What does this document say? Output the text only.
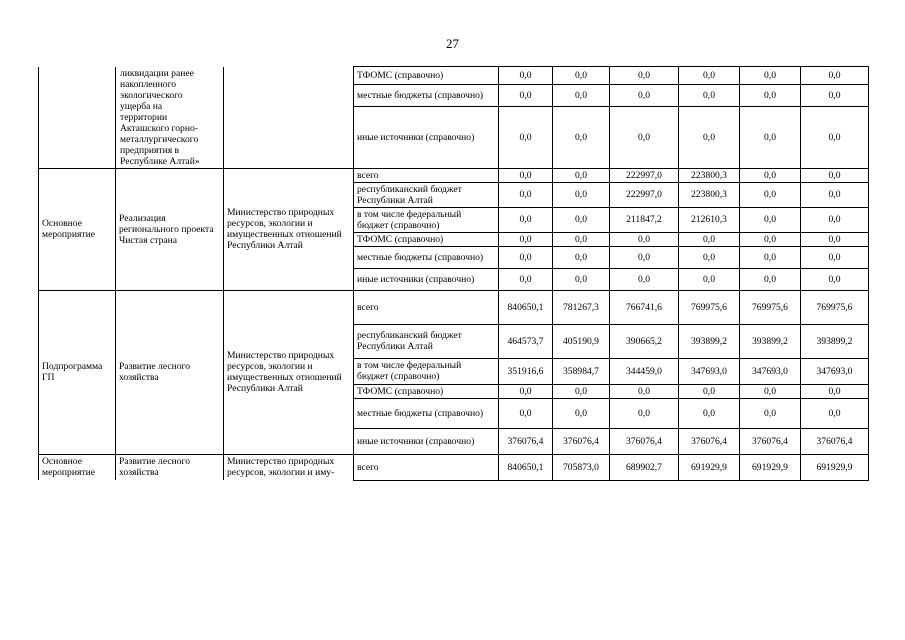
27
	ликвидации ранее накопленного экологического ущерба на территории Акташского горно-металлургического предприятия в Республике Алтай»		ТФОМС (справочно)	0,0	0,0	0,0	0,0	0,0	0,0
			местные бюджеты (справочно)	0,0	0,0	0,0	0,0	0,0	0,0
			иные источники (справочно)	0,0	0,0	0,0	0,0	0,0	0,0
Основное мероприятие	Реализация регионального проекта Чистая страна	Министерство природных ресурсов, экологии и имущественных отношений Республики Алтай	всего	0,0	0,0	222997,0	223800,3	0,0	0,0
			республиканский бюджет Республики Алтай	0,0	0,0	222997,0	223800,3	0,0	0,0
			в том числе федеральный бюджет (справочно)	0,0	0,0	211847,2	212610,3	0,0	0,0
			ТФОМС (справочно)	0,0	0,0	0,0	0,0	0,0	0,0
			местные бюджеты (справочно)	0,0	0,0	0,0	0,0	0,0	0,0
			иные источники (справочно)	0,0	0,0	0,0	0,0	0,0	0,0
Подпрограмма ГП	Развитие лесного хозяйства	Министерство природных ресурсов, экологии и имущественных отношений Республики Алтай	всего	840650,1	781267,3	766741,6	769975,6	769975,6	769975,6
			республиканский бюджет Республики Алтай	464573,7	405190,9	390665,2	393899,2	393899,2	393899,2
			в том числе федеральный бюджет (справочно)	351916,6	358984,7	344459,0	347693,0	347693,0	347693,0
			ТФОМС (справочно)	0,0	0,0	0,0	0,0	0,0	0,0
			местные бюджеты (справочно)	0,0	0,0	0,0	0,0	0,0	0,0
			иные источники (справочно)	376076,4	376076,4	376076,4	376076,4	376076,4	376076,4
Основное мероприятие	Развитие лесного хозяйства	Министерство природных ресурсов, экологии и иму-	всего	840650,1	705873,0	689902,7	691929,9	691929,9	691929,9
